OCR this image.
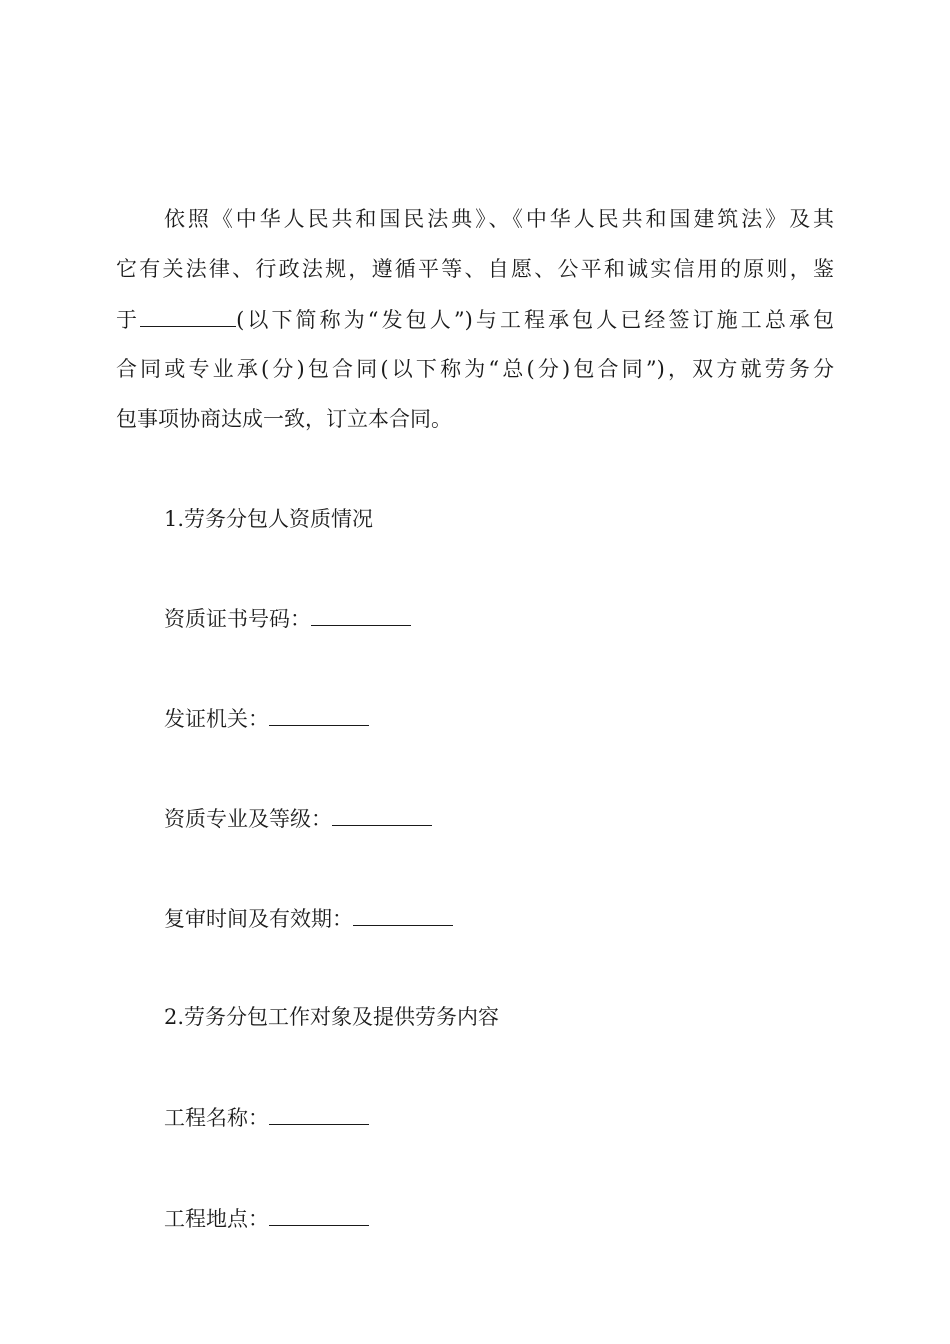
依照《中华人民共和国民法典》、《中华人民共和国建筑法》及其
它有关法律、行政法规，遵循平等、自愿、公平和诚实信用的原则，鉴
于	(以下简称为“发包人”)与工程承包人已经签订施工总承包
合同或专业承(分)包合同(以下称为“总(分)包合同”)，双方就劳务分
包事项协商达成一致，订立本合同。
1.劳务分包人资质情况
资质证书号码：
发证机关：
资质专业及等级：
复审时间及有效期：
2.劳务分包工作对象及提供劳务内容
工程名称：
工程地点：
